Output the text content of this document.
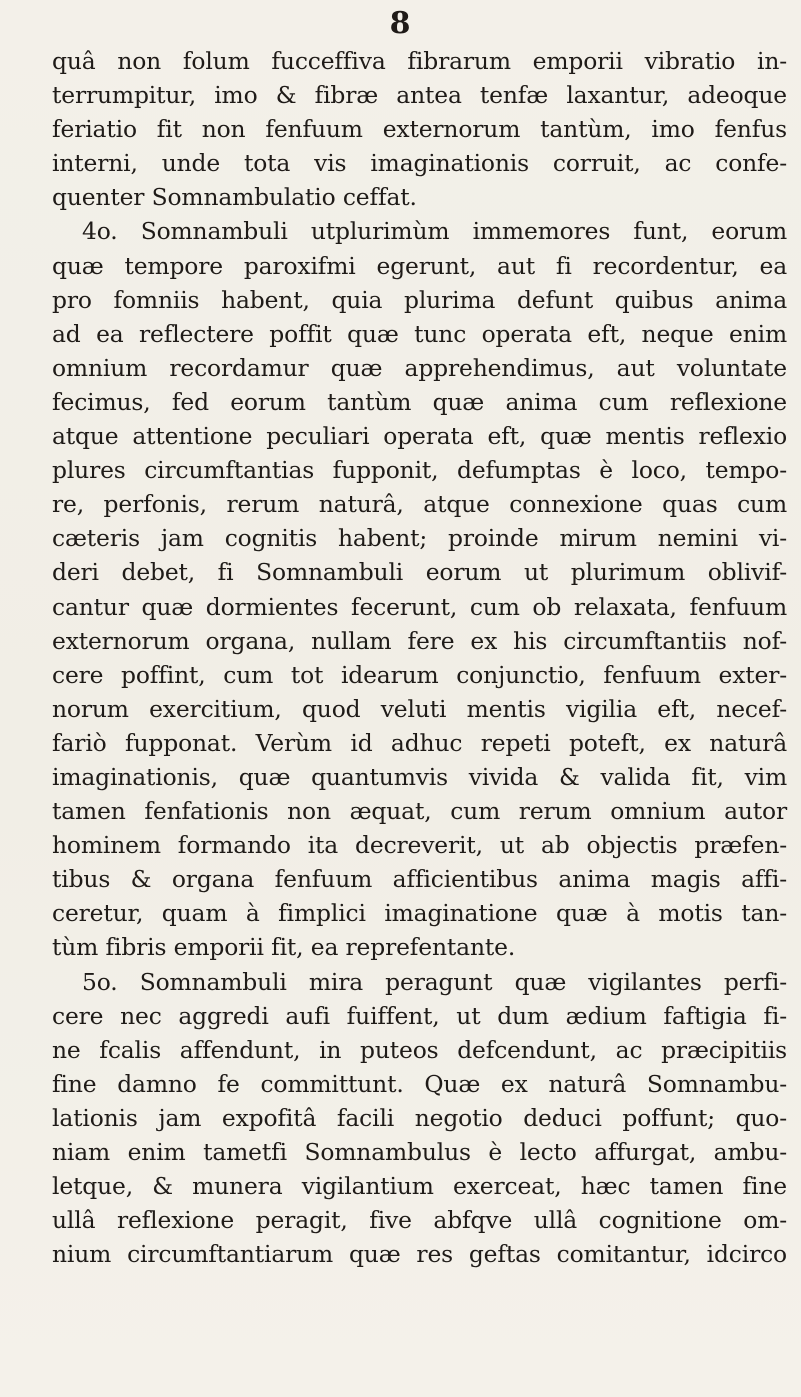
8
quâ non folum fucceffiva fibrarum emporii vibratio in-
terrumpitur, imo & fibræ antea tenfæ laxantur, adeoque
feriatio fit non fenfuum externorum tantùm, imo fenfus
interni, unde tota vis imaginationis corruit, ac confe-
quenter Somnambulatio ceffat.
4o. Somnambuli utplurimùm immemores funt, eorum
quæ tempore paroxifmi egerunt, aut fi recordentur, ea
pro fomniis habent, quia plurima defunt quibus anima
ad ea reflectere poffit quæ tunc operata eft, neque enim
omnium recordamur quæ apprehendimus, aut voluntate
fecimus, fed eorum tantùm quæ anima cum reflexione
atque attentione peculiari operata eft, quæ mentis reflexio
plures circumftantias fupponit, defumptas è loco, tempo-
re, perfonis, rerum naturâ, atque connexione quas cum
cæteris jam cognitis habent; proinde mirum nemini vi-
deri debet, fi Somnambuli eorum ut plurimum oblivif-
cantur quæ dormientes fecerunt, cum ob relaxata, fenfuum
externorum organa, nullam fere ex his circumftantiis nof-
cere poffint, cum tot idearum conjunctio, fenfuum exter-
norum exercitium, quod veluti mentis vigilia eft, necef-
fariò fupponat. Verùm id adhuc repeti poteft, ex naturâ
imaginationis, quæ quantumvis vivida & valida fit, vim
tamen fenfationis non æquat, cum rerum omnium autor
hominem formando ita decreverit, ut ab objectis præfen-
tibus & organa fenfuum afficientibus anima magis affi-
ceretur, quam à fimplici imaginatione quæ à motis tan-
tùm fibris emporii fit, ea reprefentante.
5o. Somnambuli mira peragunt quæ vigilantes perfi-
cere nec aggredi aufi fuiffent, ut dum ædium faftigia fi-
ne fcalis affendunt, in puteos defcendunt, ac præcipitiis
fine damno fe committunt. Quæ ex naturâ Somnambu-
lationis jam expofitâ facili negotio deduci poffunt; quo-
niam enim tametfi Somnambulus è lecto affurgat, ambu-
letque, & munera vigilantium exerceat, hæc tamen fine
ullâ reflexione peragit, five abfqve ullâ cognitione om-
nium circumftantiarum quæ res geftas comitantur, idcirco
